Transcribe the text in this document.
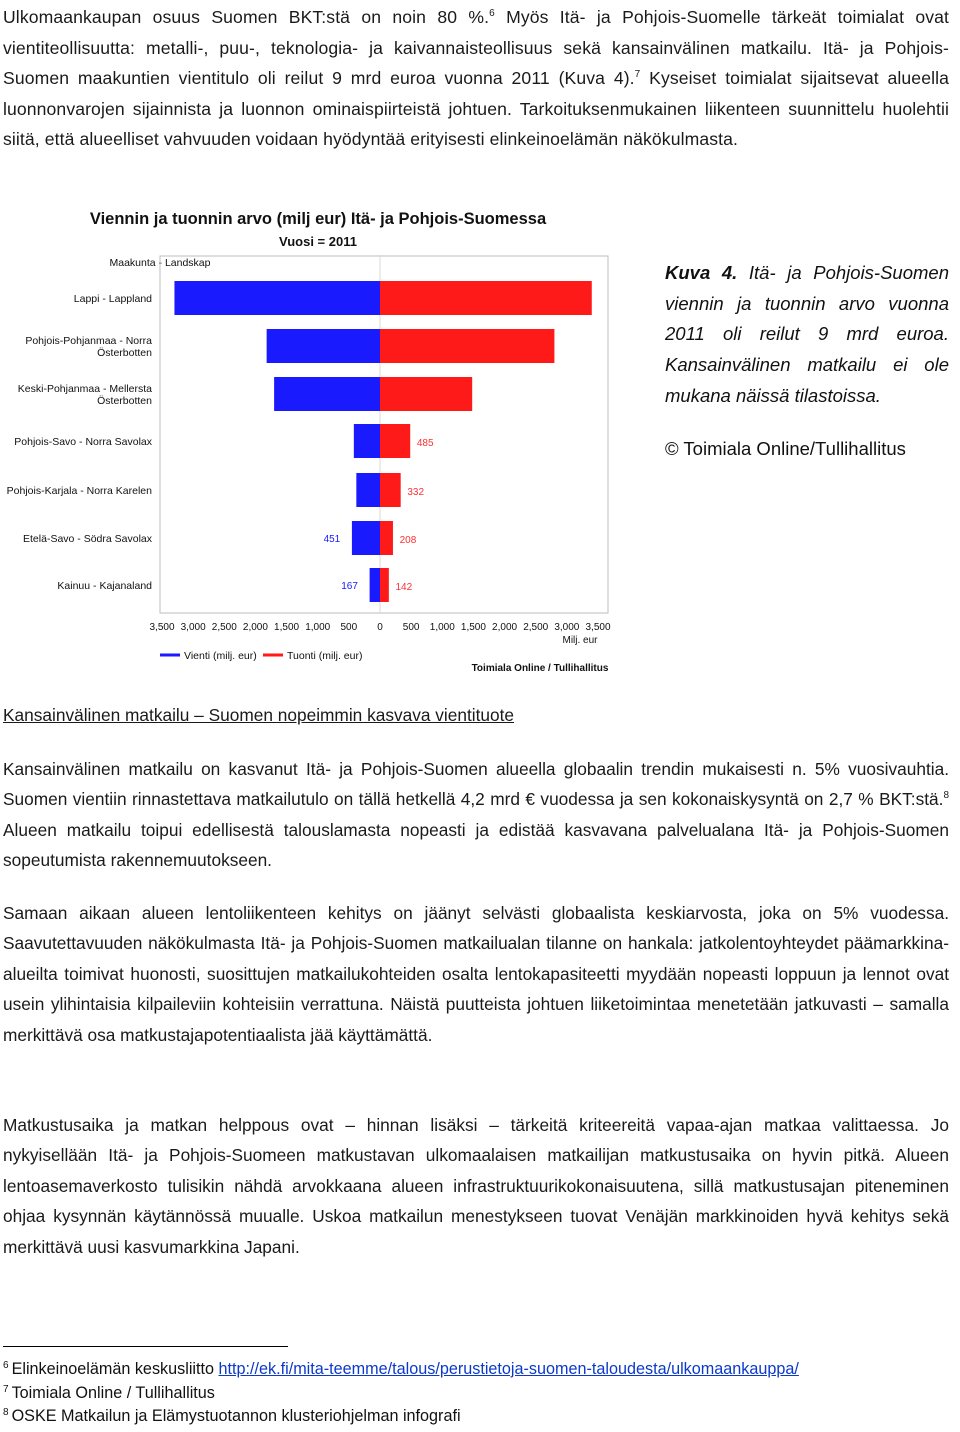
Ulkomaankaupan osuus Suomen BKT:stä on noin 80 %.$^6$ Myös Itä- ja Pohjois-Suomelle tärkeät toimialat ovat vientiteollisuutta: metalli-, puu-, teknologia- ja kaivannaisteollisuus sekä kansainvälinen matkailu. Itä- ja Pohjois-Suomen maakuntien vientitulo oli reilut 9 mrd euroa vuonna 2011 (Kuva 4).$^7$ Kyseiset toimialat sijaitsevat alueella luonnonvarojen sijainnista ja luonnon ominaispiirteistä johtuen. Tarkoituksenmukainen liikenteen suunnittelu huolehtii siitä, että alueelliset vahvuuden voidaan hyödyntää erityisesti elinkeinoelämän näkökulmasta.

Viennin ja tuonnin arvo (milj eur) Itä- ja Pohjois-Suomessa
Vuosi = 2011
Maakunta - Landskap
Lappi - Lappland
Pohjois-Pohjanmaa - Norra
Österbotten
Keski-Pohjanmaa - Mellersta
Österbotten
Pohjois-Savo - Norra Savolax
Pohjois-Karjala - Norra Karelen
Etelä-Savo - Södra Savolax
Kainuu - Kajanaland
451
167
485
332
208
142
3,500 3,000 2,500 2,000 1,500 1,000 500 0 500 1,000 1,500 2,000 2,500 3,000 3,500
Milj. eur
Vienti (milj. eur)	Tuonti (milj. eur)
Toimiala Online / Tullihallitus
Kuva 4. Itä- ja Pohjois-Suomen viennin ja tuonnin arvo vuonna 2011 oli reilut 9 mrd euroa. Kansainvälinen matkailu ei ole mukana näissä tilastoissa.
© Toimiala Online/Tullihallitus
Kansainvälinen matkailu – Suomen nopeimmin kasvava vientituote

Kansainvälinen matkailu on kasvanut Itä- ja Pohjois-Suomen alueella globaalin trendin mukaisesti n. 5% vuosivauhtia. Suomen vientiin rinnastettava matkailutulo on tällä hetkellä 4,2 mrd € vuodessa ja sen kokonaiskysyntä on 2,7 % BKT:stä.$^8$ Alueen matkailu toipui edellisestä talouslamasta nopeasti ja edistää kasvavana palvelualana Itä- ja Pohjois-Suomen sopeutumista rakennemuutokseen.

Samaan aikaan alueen lentoliikenteen kehitys on jäänyt selvästi globaalista keskiarvosta, joka on 5% vuodessa. Saavutettavuuden näkökulmasta Itä- ja Pohjois-Suomen matkailualan tilanne on hankala: jatkolentoyhteydet päämarkkina-alueilta toimivat huonosti, suosittujen matkailukohteiden osalta lentokapasiteetti myydään nopeasti loppuun ja lennot ovat usein ylihintaisia kilpaileviin kohteisiin verrattuna. Näistä puutteista johtuen liiketoimintaa menetetään jatkuvasti – samalla merkittävä osa matkustajapotentiaalista jää käyttämättä.

Matkustusaika ja matkan helppous ovat – hinnan lisäksi – tärkeitä kriteereitä vapaa-ajan matkaa valittaessa. Jo nykyisellään Itä- ja Pohjois-Suomeen matkustavan ulkomaalaisen matkailijan matkustusaika on hyvin pitkä. Alueen lentoasemaverkosto tulisikin nähdä arvokkaana alueen infrastruktuurikokonaisuutena, sillä matkustusajan piteneminen ohjaa kysynnän käytännössä muualle. Uskoa matkailun menestykseen tuovat Venäjän markkinoiden hyvä kehitys sekä merkittävä uusi kasvumarkkina Japani.

$^6$ Elinkeinoelämän keskusliitto http://ek.fi/mita-teemme/talous/perustietoja-suomen-taloudesta/ulkomaankauppa/
$^7$ Toimiala Online / Tullihallitus
$^8$ OSKE Matkailun ja Elämystuotannon klusteriohjelman infografi
